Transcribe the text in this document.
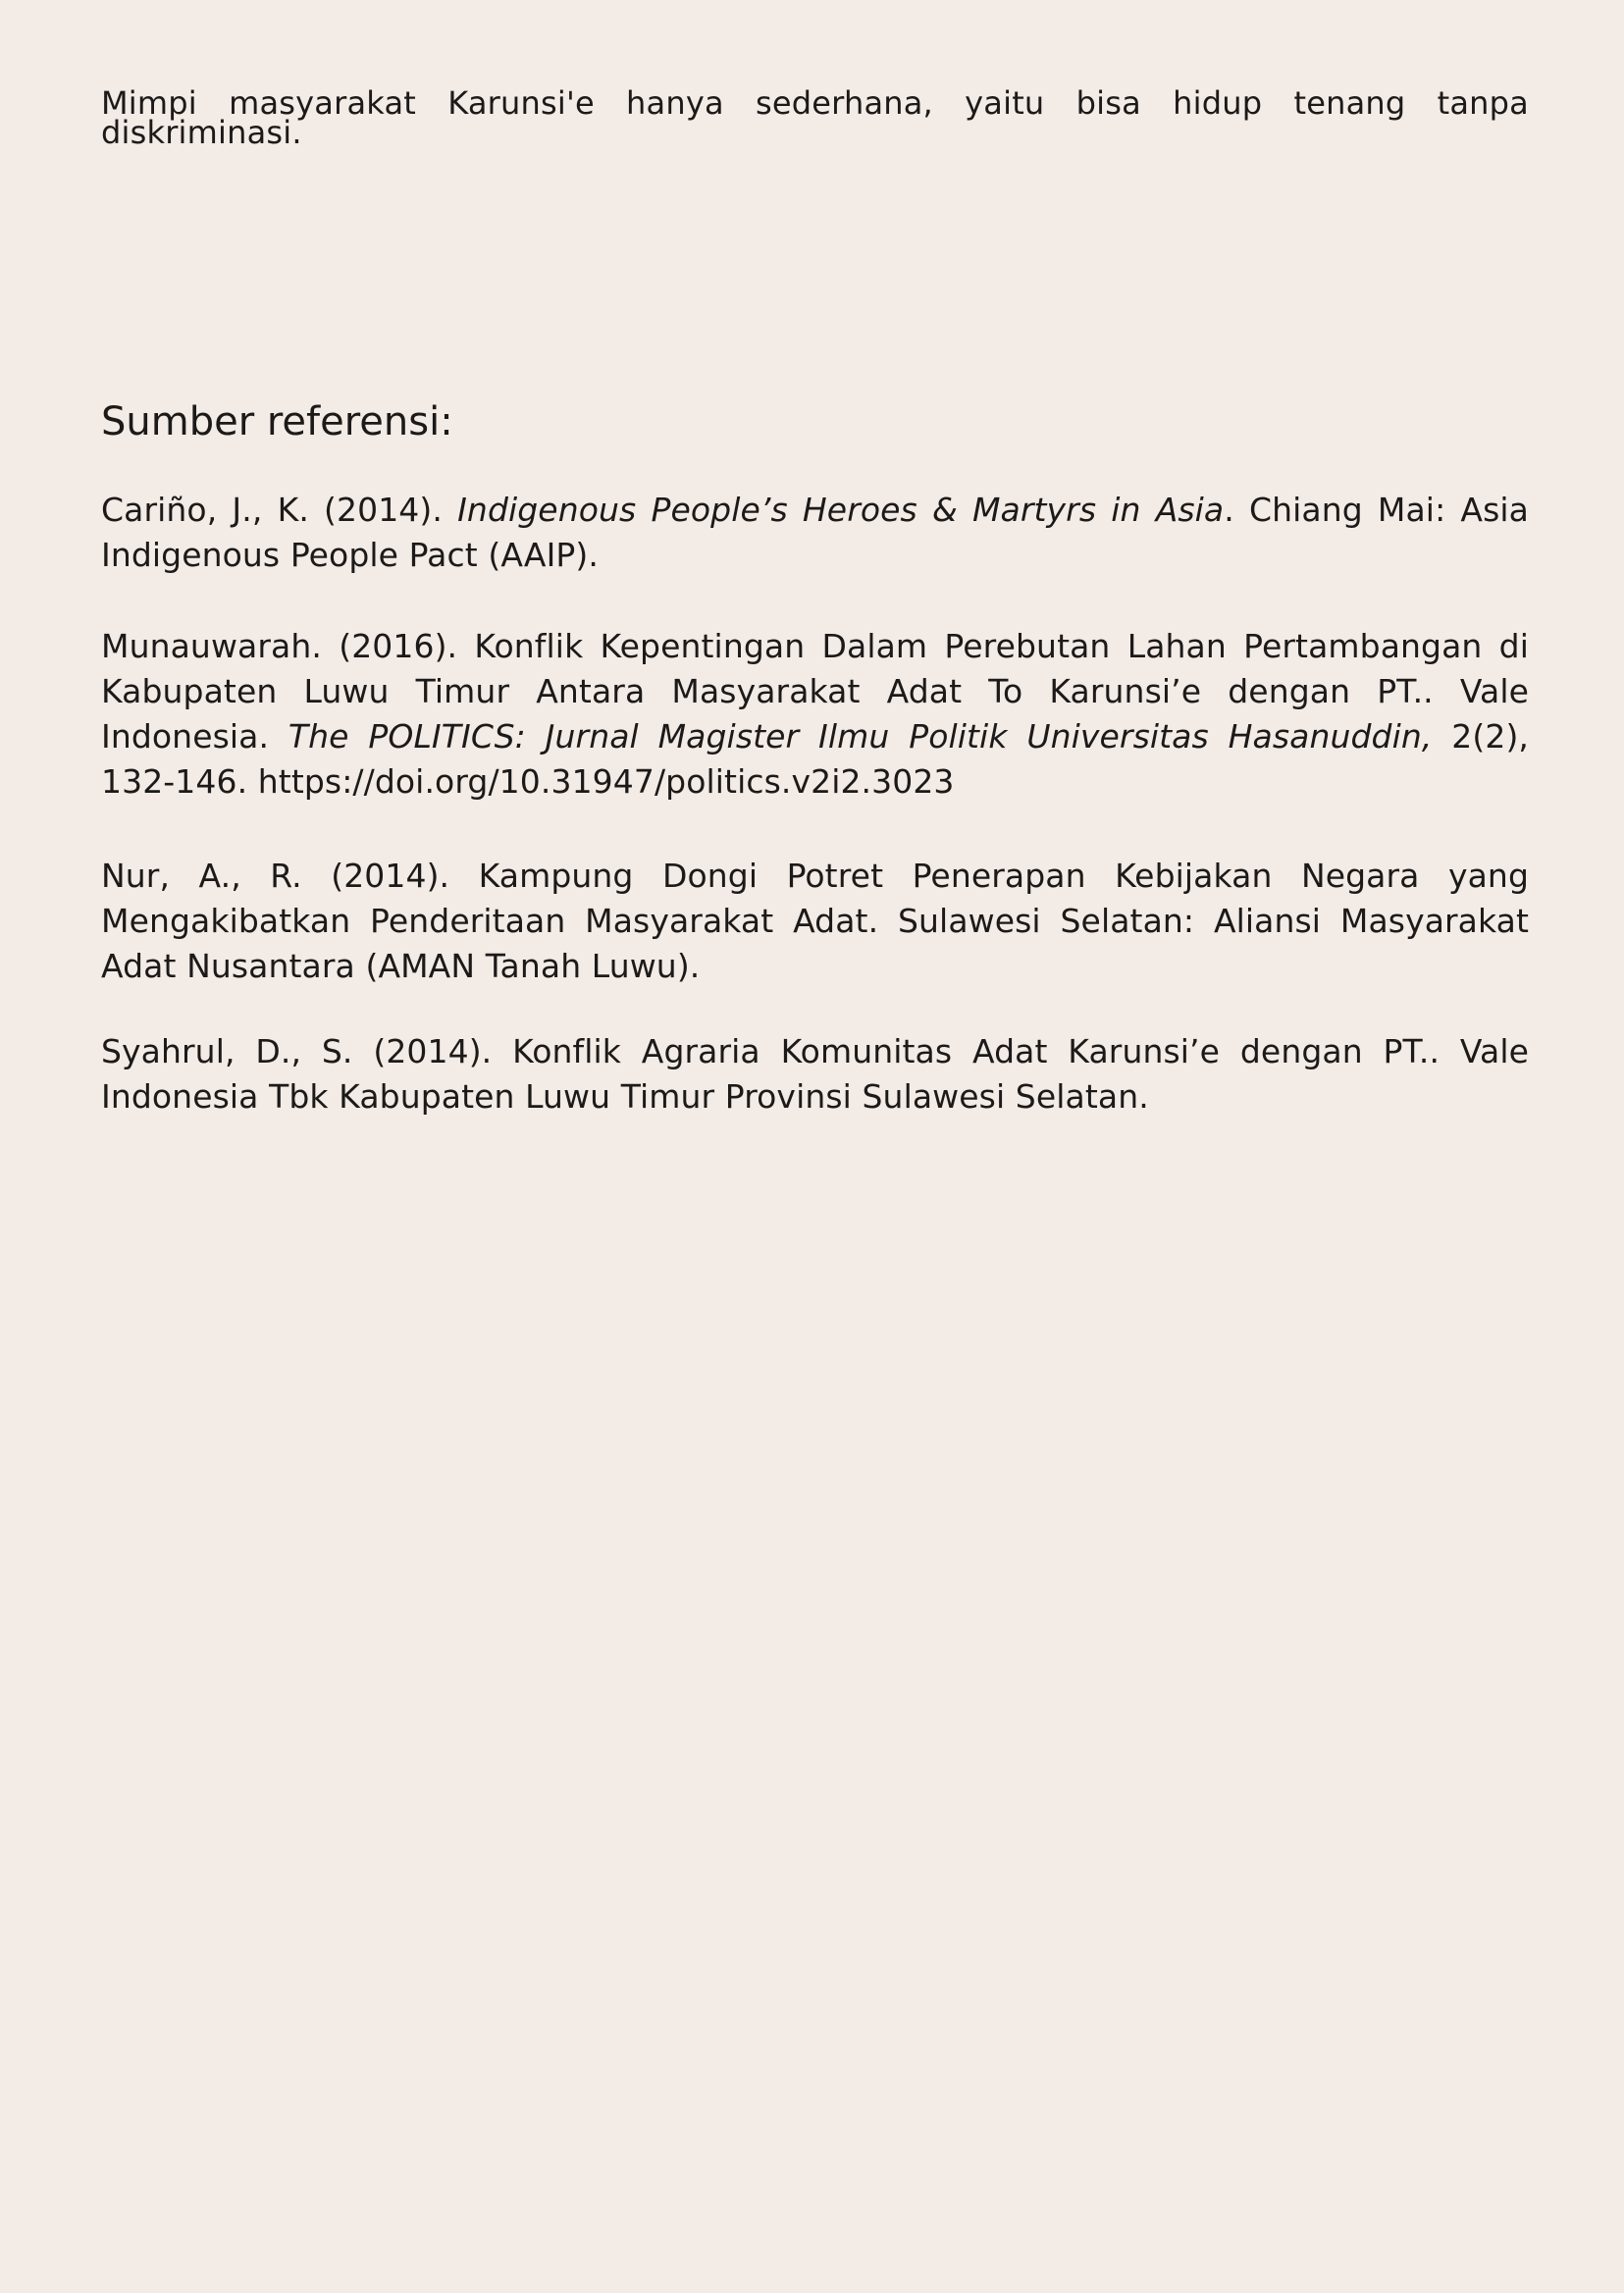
Mimpi masyarakat Karunsi'e hanya sederhana, yaitu bisa hidup tenang tanpa diskriminasi.

Sumber referensi:

Cariño, J., K. (2014). Indigenous People’s Heroes & Martyrs in Asia. Chiang Mai: Asia Indigenous People Pact (AAIP).

Munauwarah. (2016). Konflik Kepentingan Dalam Perebutan Lahan Pertambangan di Kabupaten Luwu Timur Antara Masyarakat Adat To Karunsi’e dengan PT.. Vale Indonesia. The POLITICS: Jurnal Magister Ilmu Politik Universitas Hasanuddin, 2(2), 132-146. https://doi.org/10.31947/politics.v2i2.3023

Nur, A., R. (2014). Kampung Dongi Potret Penerapan Kebijakan Negara yang Mengakibatkan Penderitaan Masyarakat Adat. Sulawesi Selatan: Aliansi Masyarakat Adat Nusantara (AMAN Tanah Luwu).

Syahrul, D., S. (2014). Konflik Agraria Komunitas Adat Karunsi’e dengan PT.. Vale Indonesia Tbk Kabupaten Luwu Timur Provinsi Sulawesi Selatan.
